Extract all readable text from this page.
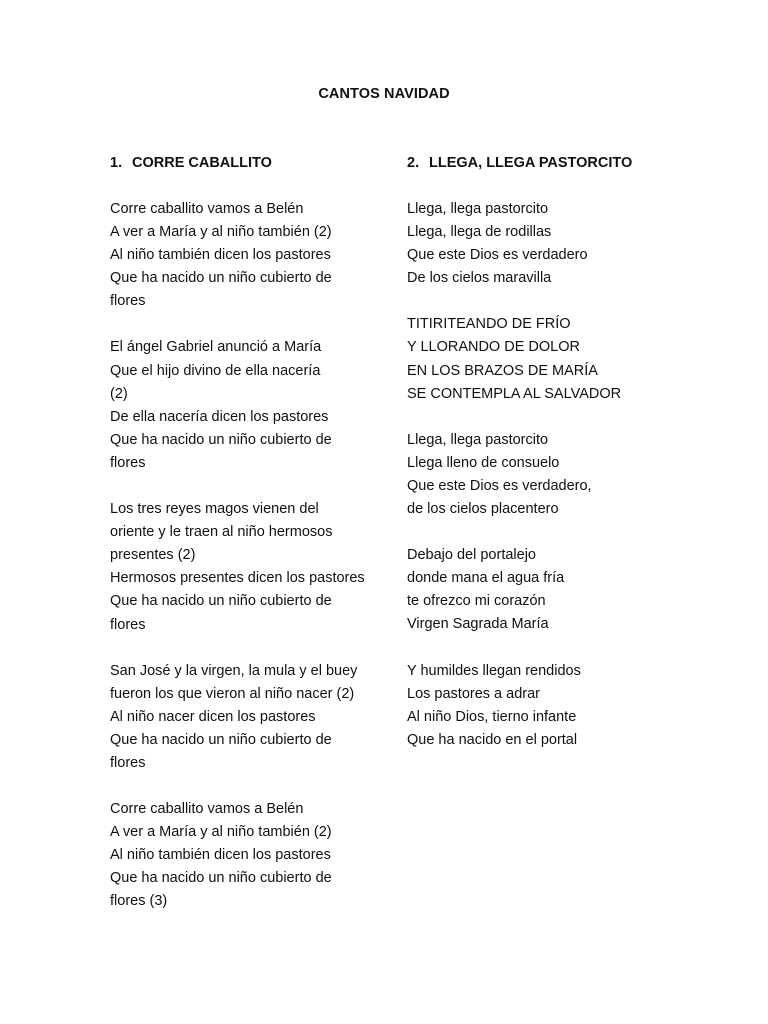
CANTOS NAVIDAD
1. CORRE CABALLITO
Corre caballito vamos a Belén
A ver a María y al niño también (2)
Al niño también dicen los pastores
Que ha nacido un niño cubierto de
flores
El ángel Gabriel anunció a María
Que el hijo divino de ella nacería
(2)
De ella nacería dicen los pastores
Que ha nacido un niño cubierto de
flores
Los tres reyes magos vienen del
oriente y le traen al niño hermosos
presentes (2)
Hermosos presentes dicen los pastores
Que ha nacido un niño cubierto de
flores
San José y la virgen, la mula y el buey
fueron los que vieron al niño nacer (2)
Al niño nacer dicen los pastores
Que ha nacido un niño cubierto de
flores
Corre caballito vamos a Belén
A ver a María y al niño también (2)
Al niño también dicen los pastores
Que ha nacido un niño cubierto de
flores (3)
2. LLEGA, LLEGA PASTORCITO
Llega, llega pastorcito
Llega, llega de rodillas
Que este Dios es verdadero
De los cielos maravilla
TITIRITEANDO DE FRÍO
Y LLORANDO DE DOLOR
EN LOS BRAZOS DE MARÍA
SE CONTEMPLA AL SALVADOR
Llega, llega pastorcito
Llega lleno de consuelo
Que este Dios es verdadero,
de los cielos placentero
Debajo del portalejo
donde mana el agua fría
te ofrezco mi corazón
Virgen Sagrada María
Y humildes llegan rendidos
Los pastores a adrar
Al niño Dios, tierno infante
Que ha nacido en el portal
